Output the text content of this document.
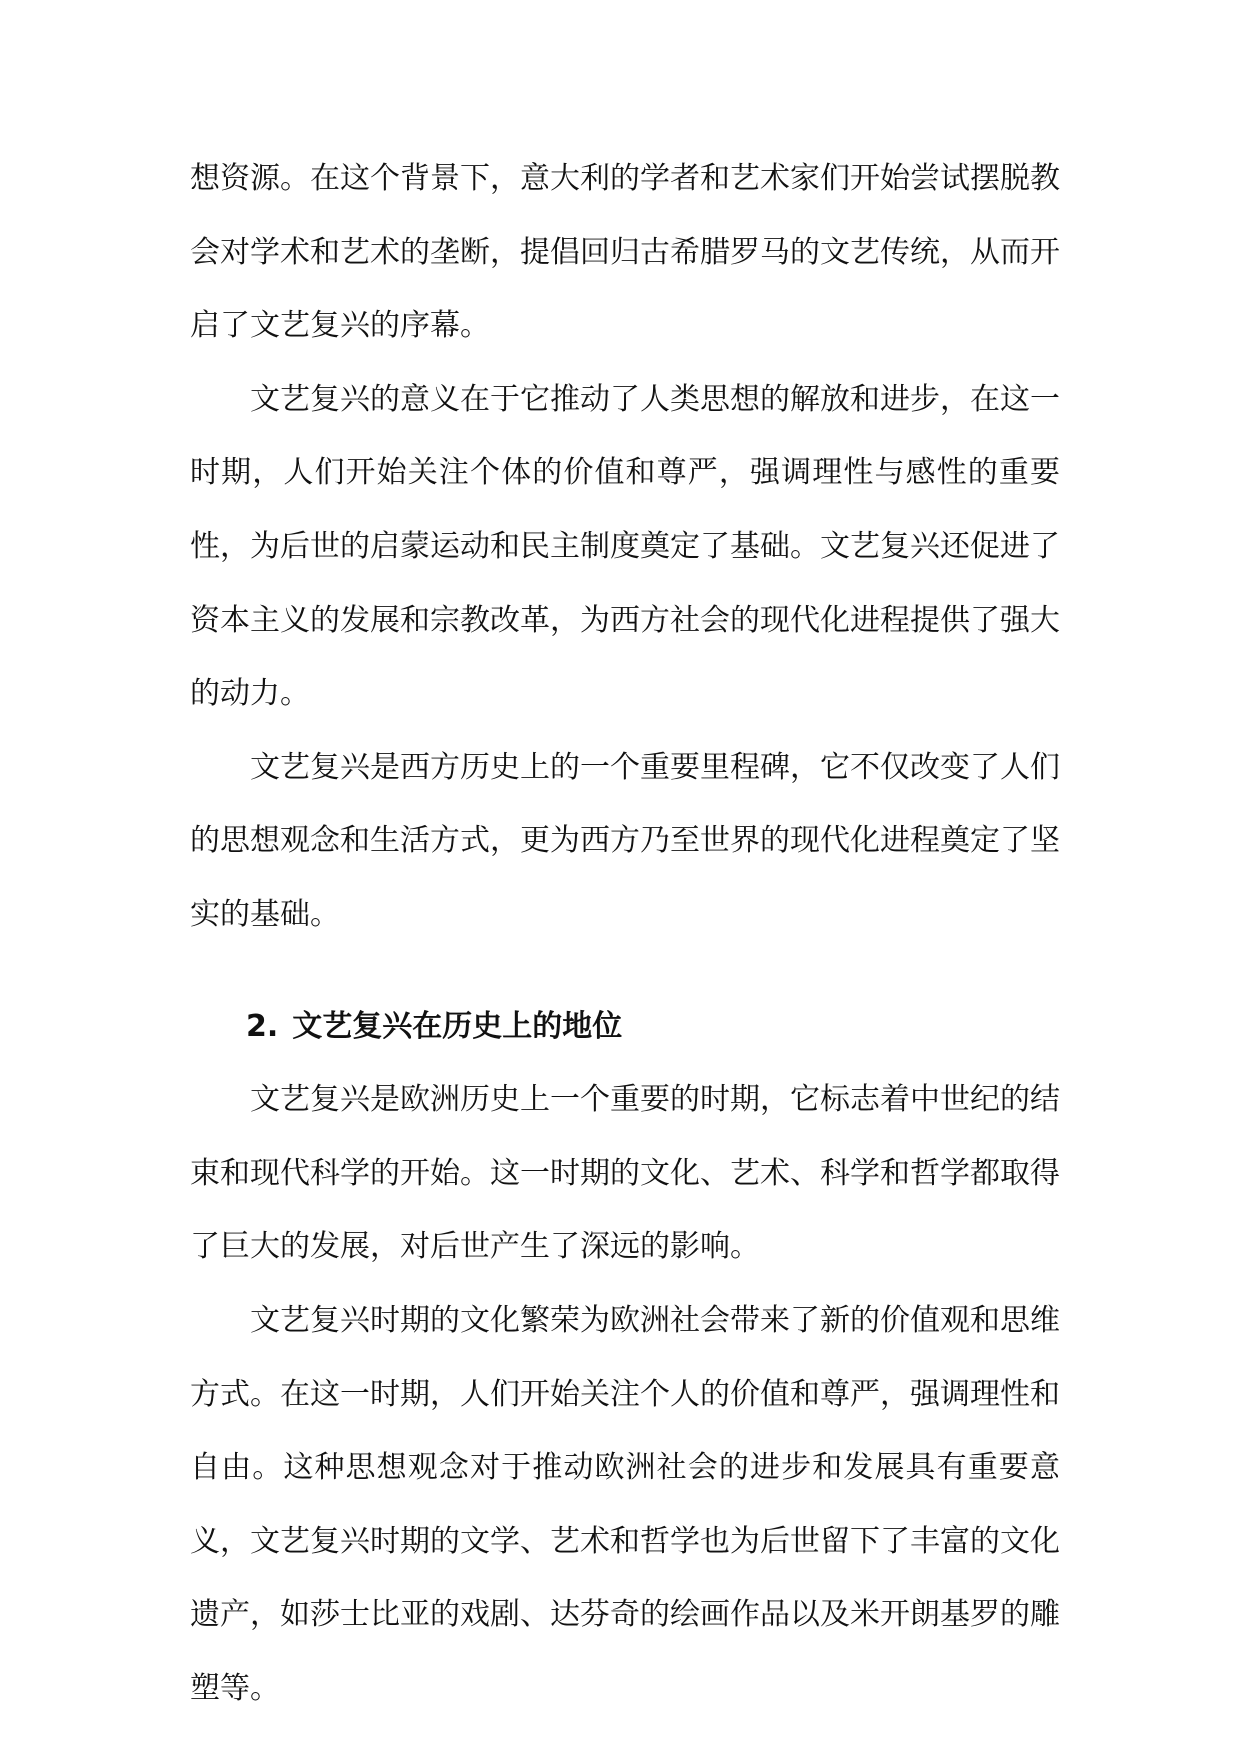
想资源。在这个背景下，意大利的学者和艺术家们开始尝试摆脱教会对学术和艺术的垄断，提倡回归古希腊罗马的文艺传统，从而开启了文艺复兴的序幕。

文艺复兴的意义在于它推动了人类思想的解放和进步，在这一时期，人们开始关注个体的价值和尊严，强调理性与感性的重要性，为后世的启蒙运动和民主制度奠定了基础。文艺复兴还促进了资本主义的发展和宗教改革，为西方社会的现代化进程提供了强大的动力。

文艺复兴是西方历史上的一个重要里程碑，它不仅改变了人们的思想观念和生活方式，更为西方乃至世界的现代化进程奠定了坚实的基础。

2. 文艺复兴在历史上的地位

文艺复兴是欧洲历史上一个重要的时期，它标志着中世纪的结束和现代科学的开始。这一时期的文化、艺术、科学和哲学都取得了巨大的发展，对后世产生了深远的影响。

文艺复兴时期的文化繁荣为欧洲社会带来了新的价值观和思维方式。在这一时期，人们开始关注个人的价值和尊严，强调理性和自由。这种思想观念对于推动欧洲社会的进步和发展具有重要意义，文艺复兴时期的文学、艺术和哲学也为后世留下了丰富的文化遗产，如莎士比亚的戏剧、达芬奇的绘画作品以及米开朗基罗的雕塑等。
